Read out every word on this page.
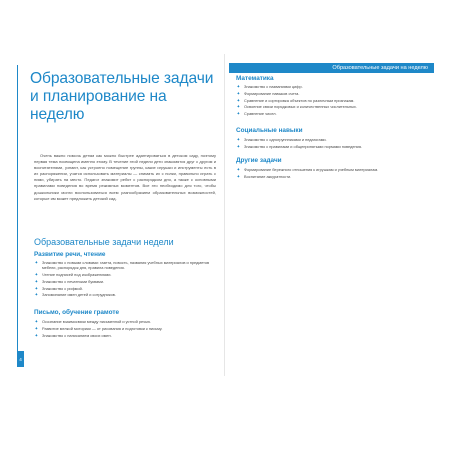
Образовательные задачи на неделю
4
Образовательные задачи и планирование на неделю
Очень важно помочь детям как можно быстрее адаптироваться в детском саду, поэтому первая тема посвящена именно этому. В течение этой недели дети знакомятся друг с другом и воспитателями, узнают, как устроено помещение группы, какие игрушки и инструменты есть в их распоряжении, учатся использовать материалы — снимать их с полки, правильно играть с ними, убирать на место. Педагог знакомит ребят с распорядком дня, а также с основными правилами поведения во время режимных моментов. Все это необходимо для того, чтобы дошкольники могли воспользоваться всем разнообразием образовательных возможностей, которые им может предложить детский сад.
Образовательные задачи недели
Развитие речи, чтение
✦ Знакомство с новыми словами: газета, новость, названия учебных материалов и предметов мебели, распорядок дня, правила поведения.
✦ Чтение подписей под изображениями.
✦ Знакомство с печатными буквами.
✦ Знакомство с рифмой.
✦ Запоминание имен детей и сотрудников.
Письмо, обучение грамоте
✦ Осознание взаимосвязи между письменной и устной речью.
✦ Развитие мелкой моторики — от рисования и подготовки к письму.
✦ Знакомство с написанием своих имен.
Математика
✦ Знакомство с названиями цифр.
✦ Формирование навыков счета.
✦ Сравнение и сортировка объектов по различным признакам.
✦ Освоение связи порядковых и количественных числительных.
✦ Сравнение чисел.
Социальные навыки
✦ Знакомство с одногруппниками и педагогами.
✦ Знакомство с правилами и общепринятыми нормами поведения.
Другие задачи
✦ Формирование бережного отношения к игрушкам и учебным материалам.
✦ Воспитание аккуратности.
